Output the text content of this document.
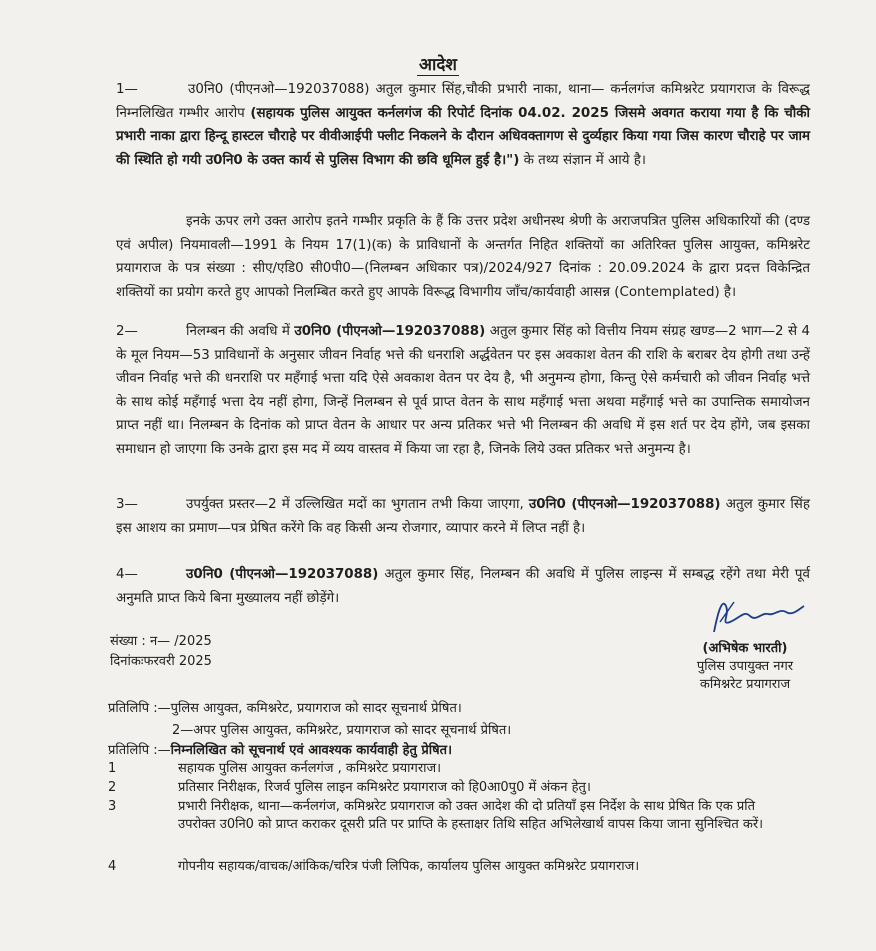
आदेश

1—	उ0नि0 (पीएनओ—192037088) अतुल कुमार सिंह,चौकी प्रभारी नाका, थाना— कर्नलगंज कमिश्नरेट प्रयागराज के विरूद्ध निम्नलिखित गम्भीर आरोप (सहायक पुलिस आयुक्त कर्नलगंज की रिपोर्ट दिनांक 04.02. 2025 जिसमे अवगत कराया गया है कि चौकी प्रभारी नाका द्वारा हिन्दू हास्टल चौराहे पर वीवीआईपी फ्लीट निकलने के दौरान अधिवक्तागण से दुर्व्यहार किया गया जिस कारण चौराहे पर जाम की स्थिति हो गयी उ0नि0 के उक्त कार्य से पुलिस विभाग की छवि धूमिल हुई है।") के तथ्य संज्ञान में आये है।

इनके ऊपर लगे उक्त आरोप इतने गम्भीर प्रकृति के हैं कि उत्तर प्रदेश अधीनस्थ श्रेणी के अराजपत्रित पुलिस अधिकारियों की (दण्ड एवं अपील) नियमावली—1991 के नियम 17(1)(क) के प्राविधानों के अन्तर्गत निहित शक्तियों का अतिरिक्त पुलिस आयुक्त, कमिश्नरेट प्रयागराज के पत्र संख्या : सीए/एडि0 सी0पी0—(निलम्बन अधिकार पत्र)/2024/927 दिनांक : 20.09.2024 के द्वारा प्रदत्त विकेन्द्रित शक्तियों का प्रयोग करते हुए आपको निलम्बित करते हुए आपके विरूद्ध विभागीय जाँच/कार्यवाही आसन्न (Contemplated) है।

2—	निलम्बन की अवधि में उ0नि0 (पीएनओ—192037088) अतुल कुमार सिंह को वित्तीय नियम संग्रह खण्ड—2 भाग—2 से 4 के मूल नियम—53 प्राविधानों के अनुसार जीवन निर्वाह भत्ते की धनराशि अर्द्धवेतन पर इस अवकाश वेतन की राशि के बराबर देय होगी तथा उन्हें जीवन निर्वाह भत्ते की धनराशि पर महँगाई भत्ता यदि ऐसे अवकाश वेतन पर देय है, भी अनुमन्य होगा, किन्तु ऐसे कर्मचारी को जीवन निर्वाह भत्ते के साथ कोई महँगाई भत्ता देय नहीं होगा, जिन्हें निलम्बन से पूर्व प्राप्त वेतन के साथ महँगाई भत्ता अथवा महँगाई भत्ते का उपान्तिक समायोजन प्राप्त नहीं था। निलम्बन के दिनांक को प्राप्त वेतन के आधार पर अन्य प्रतिकर भत्ते भी निलम्बन की अवधि में इस शर्त पर देय होंगे, जब इसका समाधान हो जाएगा कि उनके द्वारा इस मद में व्यय वास्तव में किया जा रहा है, जिनके लिये उक्त प्रतिकर भत्ते अनुमन्य है।

3—	उपर्युक्त प्रस्तर—2 में उल्लिखित मदों का भुगतान तभी किया जाएगा, उ0नि0 (पीएनओ—192037088) अतुल कुमार सिंह इस आशय का प्रमाण—पत्र प्रेषित करेंगे कि वह किसी अन्य रोजगार, व्यापार करने में लिप्त नहीं है।

4—	उ0नि0 (पीएनओ—192037088) अतुल कुमार सिंह, निलम्बन की अवधि में पुलिस लाइन्स में सम्बद्ध रहेंगे तथा मेरी पूर्व अनुमति प्राप्त किये बिना मुख्यालय नहीं छोड़ेंगे।

संख्या : न— /2025
दिनांकःफरवरी 2025
(अभिषेक भारती)
पुलिस उपायुक्त नगर
कमिश्नरेट प्रयागराज
प्रतिलिपि :—पुलिस आयुक्त, कमिश्नरेट, प्रयागराज को सादर सूचनार्थ प्रेषित।
2—अपर पुलिस आयुक्त, कमिश्नरेट, प्रयागराज को सादर सूचनार्थ प्रेषित।
प्रतिलिपि :—निम्नलिखित को सूचनार्थ एवं आवश्यक कार्यवाही हेतु प्रेषित।
1	सहायक पुलिस आयुक्त कर्नलगंज , कमिश्नरेट प्रयागराज।
2	प्रतिसार निरीक्षक, रिजर्व पुलिस लाइन कमिश्नरेट प्रयागराज को हि0आ0पु0 में अंकन हेतु।
3	प्रभारी निरीक्षक, थाना—कर्नलगंज, कमिश्नरेट प्रयागराज को उक्त आदेश की दो प्रतियाँ इस निर्देश के साथ प्रेषित कि एक प्रति उपरोक्त उ0नि0 को प्राप्त कराकर दूसरी प्रति पर प्राप्ति के हस्ताक्षर तिथि सहित अभिलेखार्थ वापस किया जाना सुनिश्चित करें।
4	गोपनीय सहायक/वाचक/आंकिक/चरित्र पंजी लिपिक, कार्यालय पुलिस आयुक्त कमिश्नरेट प्रयागराज।
